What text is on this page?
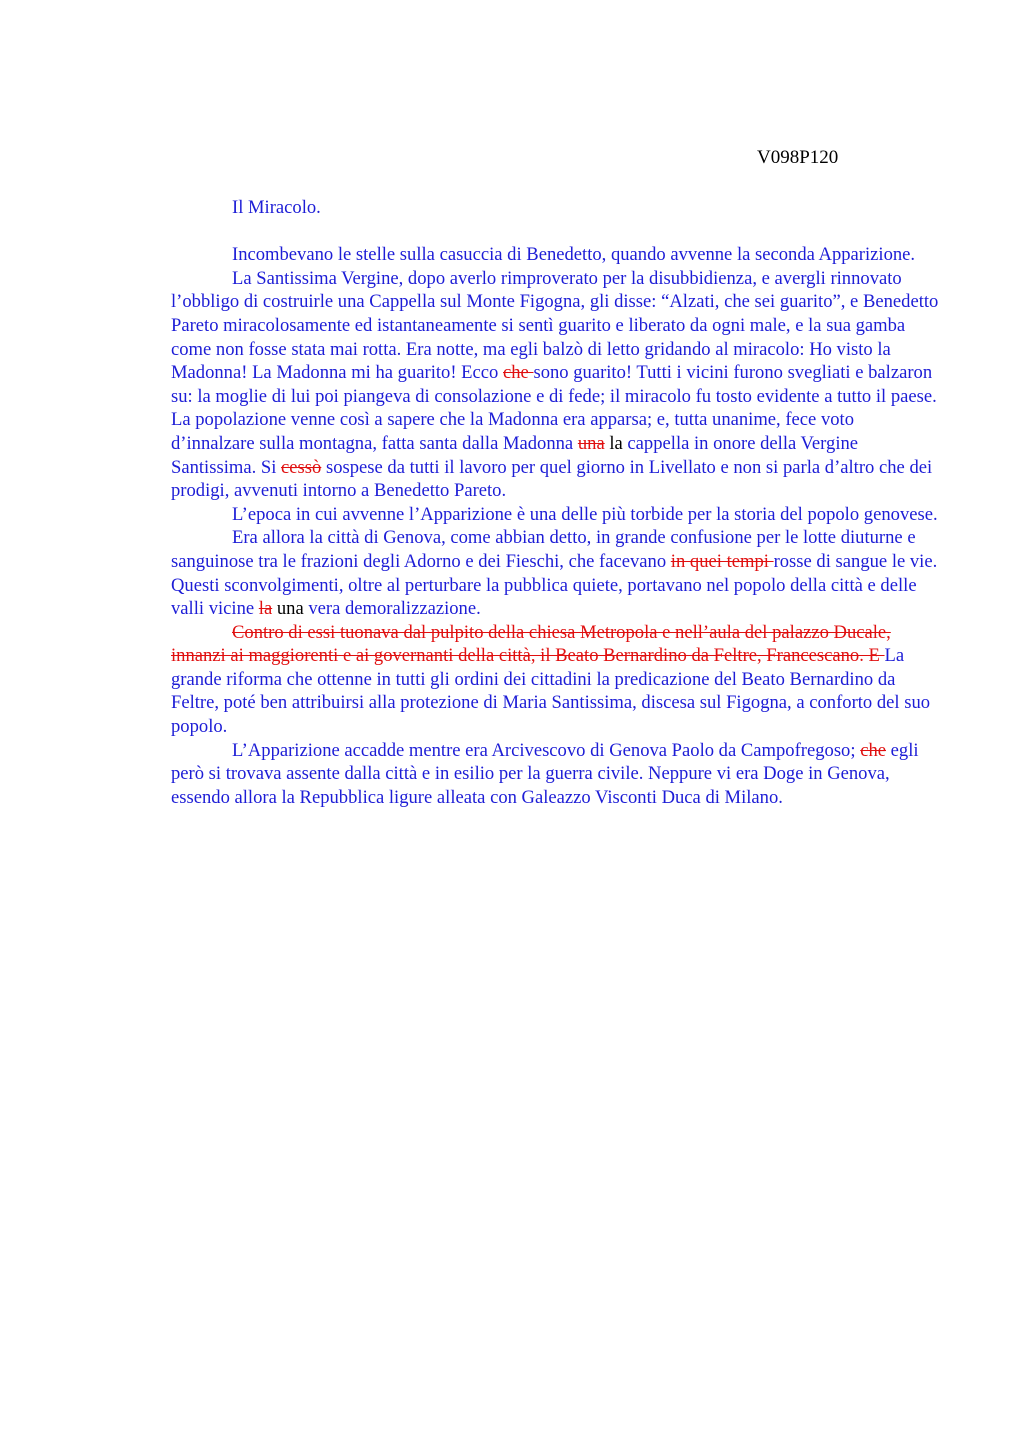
V098P120

Il Miracolo.

Incombevano le stelle sulla casuccia di Benedetto, quando avvenne la seconda Apparizione.

La Santissima Vergine, dopo averlo rimproverato per la disubbidienza, e avergli rinnovato l’obbligo di costruirle una Cappella sul Monte Figogna, gli disse: “Alzati, che sei guarito”, e Benedetto Pareto miracolosamente ed istantaneamente si sentì guarito e liberato da ogni male, e la sua gamba come non fosse stata mai rotta. Era notte, ma egli balzò di letto gridando al miracolo: Ho visto la Madonna! La Madonna mi ha guarito! Ecco che sono guarito! Tutti i vicini furono svegliati e balzaron su: la moglie di lui poi piangeva di consolazione e di fede; il miracolo fu tosto evidente a tutto il paese. La popolazione venne così a sapere che la Madonna era apparsa; e, tutta unanime, fece voto d’innalzare sulla montagna, fatta santa dalla Madonna una la cappella in onore della Vergine Santissima. Si cessò sospese da tutti il lavoro per quel giorno in Livellato e non si parla d’altro che dei prodigi, avvenuti intorno a Benedetto Pareto.

L’epoca in cui avvenne l’Apparizione è una delle più torbide per la storia del popolo genovese.

Era allora la città di Genova, come abbian detto, in grande confusione per le lotte diuturne e sanguinose tra le frazioni degli Adorno e dei Fieschi, che facevano in quei tempi rosse di sangue le vie. Questi sconvolgimenti, oltre al perturbare la pubblica quiete, portavano nel popolo della città e delle valli vicine la una vera demoralizzazione.

Contro di essi tuonava dal pulpito della chiesa Metropola e nell’aula del palazzo Ducale, innanzi ai maggiorenti e ai governanti della città, il Beato Bernardino da Feltre, Francescano. E La grande riforma che ottenne in tutti gli ordini dei cittadini la predicazione del Beato Bernardino da Feltre, poté ben attribuirsi alla protezione di Maria Santissima, discesa sul Figogna, a conforto del suo popolo.

L’Apparizione accadde mentre era Arcivescovo di Genova Paolo da Campofregoso; che egli però si trovava assente dalla città e in esilio per la guerra civile. Neppure vi era Doge in Genova, essendo allora la Repubblica ligure alleata con Galeazzo Visconti Duca di Milano.
